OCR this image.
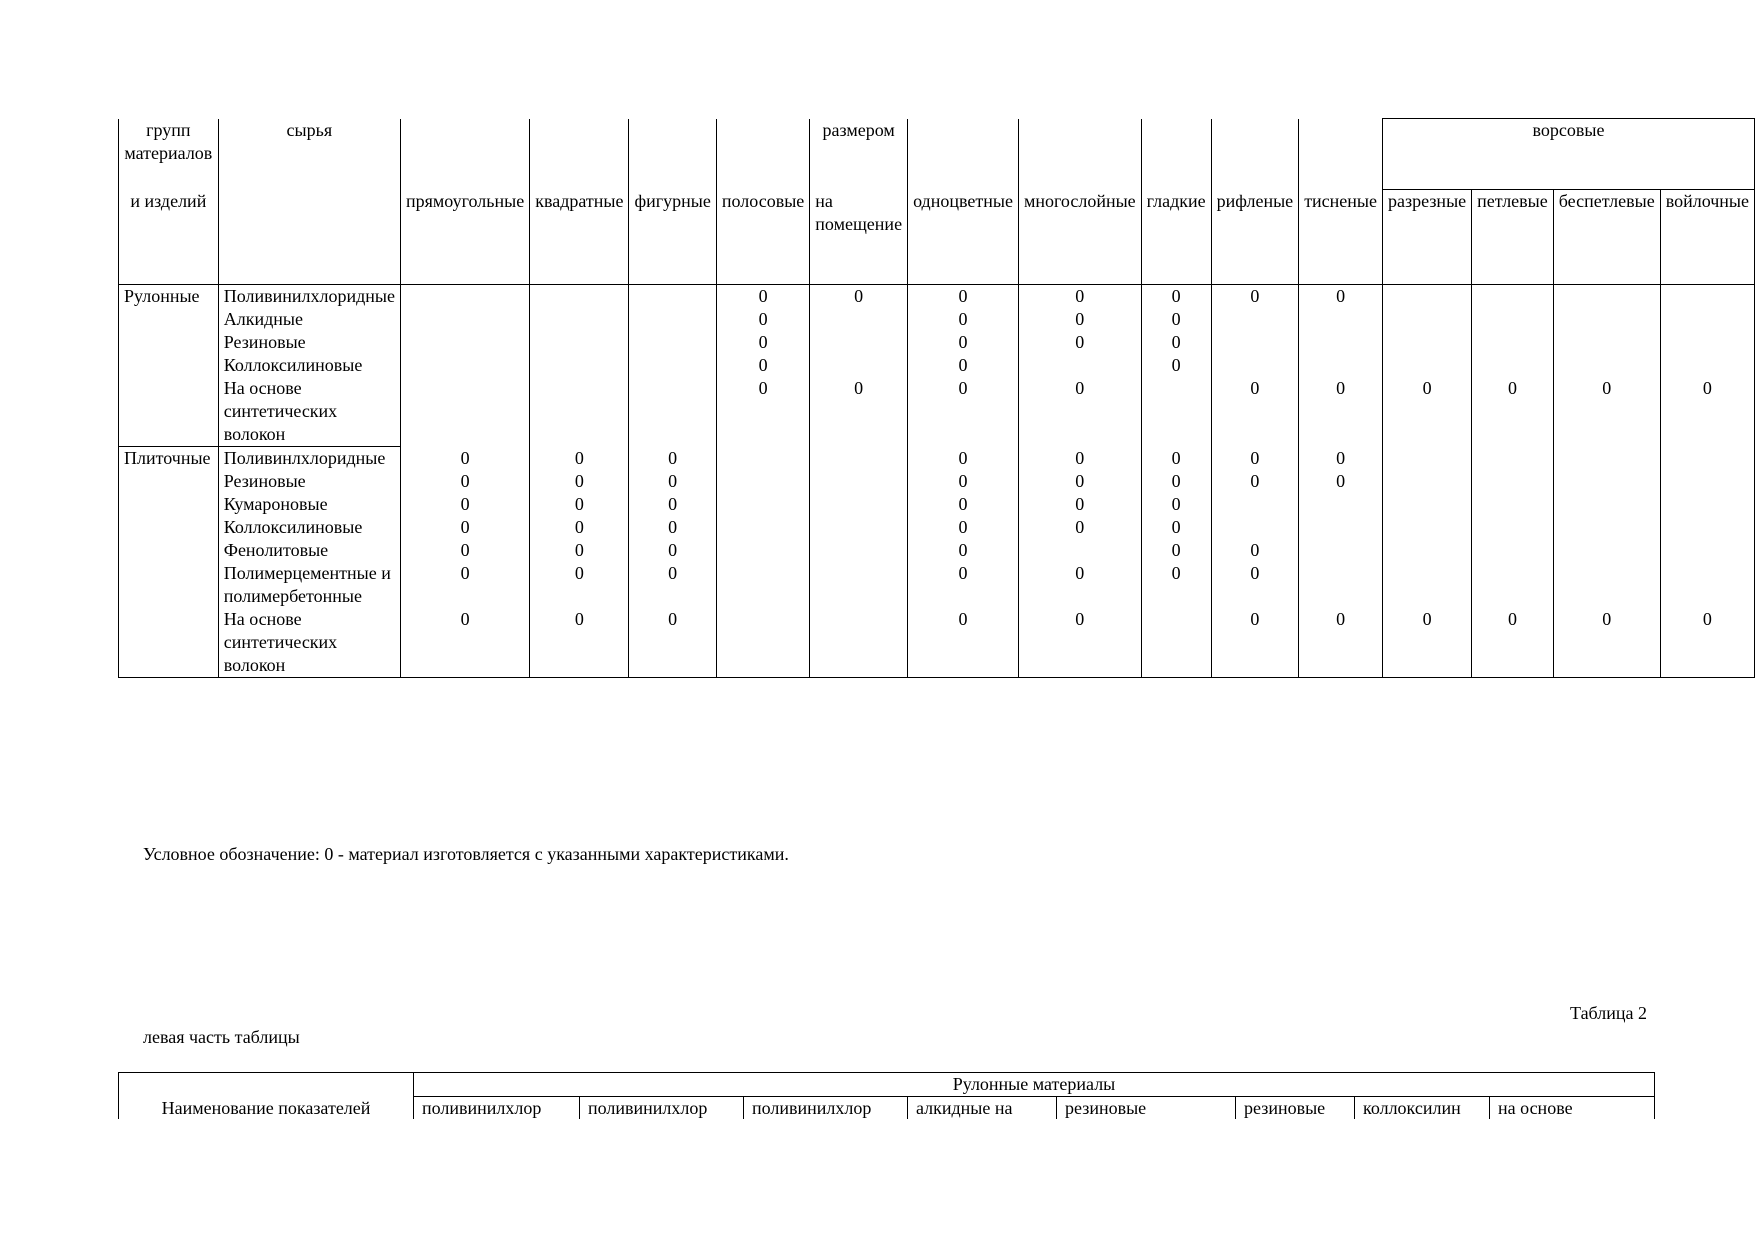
групп материалов	сырья					размером						ворсовые			
и изделий		прямоугольные	квадратные	фигурные	полосовые	на помещение	одноцветные	многослойные	гладкие	рифленые	тисненые	разрезные	петлевые	беспетлевые	войлочные
Рулонные	Поливинилхлоридные				0	0	0	0	0	0	0				
	Алкидные				0		0	0	0						
	Резиновые				0		0	0	0						
	Коллоксилиновые				0		0		0						
	На основе синтетических волокон				0	0	0	0		0	0	0	0	0	0
Плиточные	Поливинлхлоридные	0	0	0			0	0	0	0	0				
	Резиновые	0	0	0			0	0	0	0	0				
	Кумароновые	0	0	0			0	0	0						
	Коллоксилиновые	0	0	0			0	0	0						
	Фенолитовые	0	0	0			0		0	0					
	Полимерцементные и полимербетонные	0	0	0			0	0	0	0					
	На основе синтетических волокон	0	0	0			0	0		0	0	0	0	0	0
Условное обозначение: 0 - материал изготовляется с указанными характеристиками.
Таблица 2
левая часть таблицы
Наименование показателей	Рулонные материалы							
	поливинилхлор	поливинилхлор	поливинилхлор	алкидные на	резиновые	резиновые	коллоксилин	на основе
